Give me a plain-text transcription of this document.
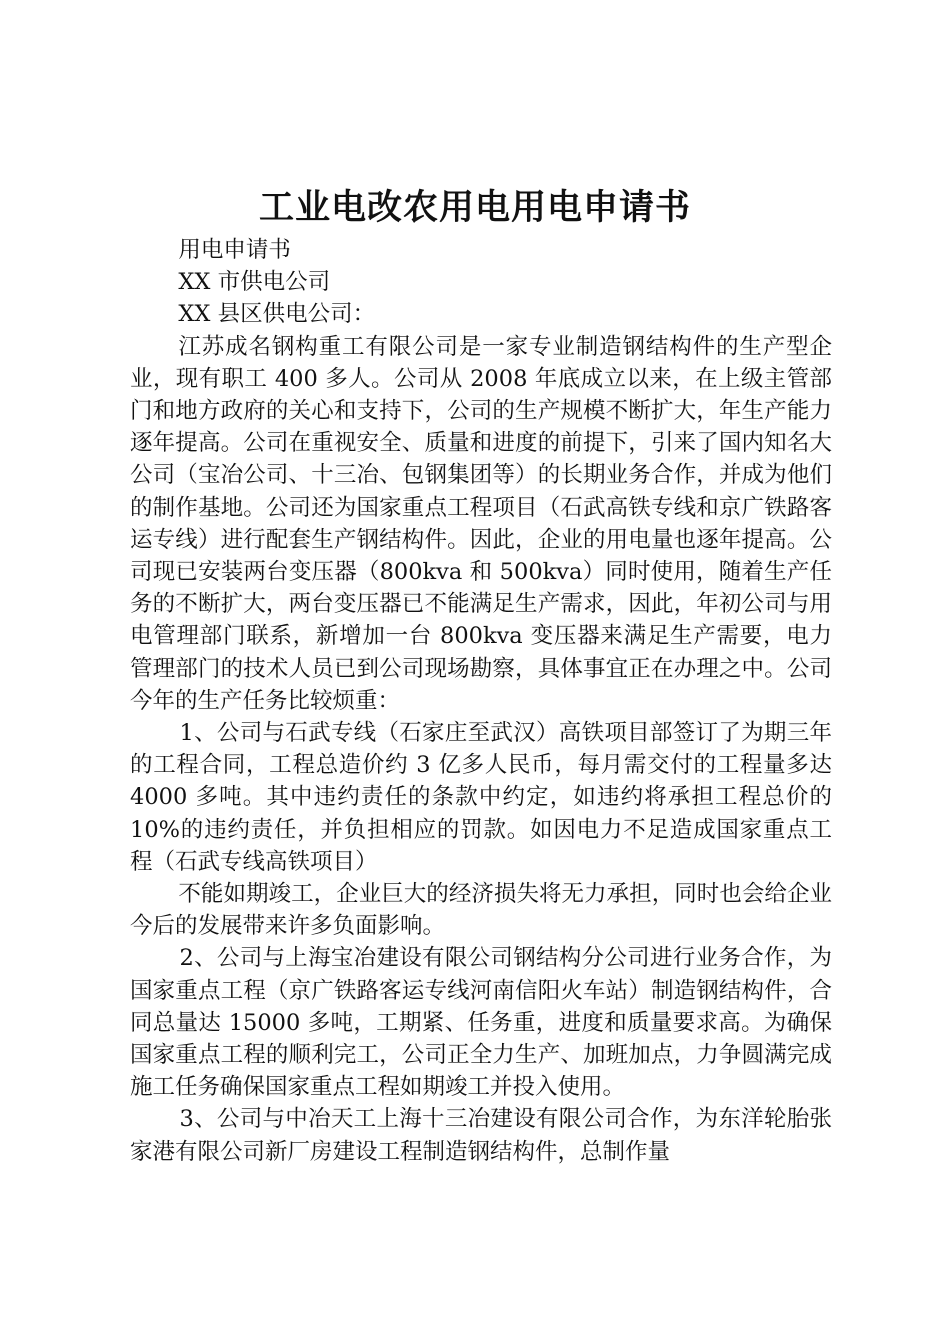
工业电改农用电用电申请书

用电申请书

XX 市供电公司

XX 县区供电公司：

江苏成名钢构重工有限公司是一家专业制造钢结构件的生产型企业，现有职工 400 多人。公司从 2008 年底成立以来，在上级主管部门和地方政府的关心和支持下，公司的生产规模不断扩大，年生产能力逐年提高。公司在重视安全、质量和进度的前提下，引来了国内知名大公司（宝冶公司、十三冶、包钢集团等）的长期业务合作，并成为他们的制作基地。公司还为国家重点工程项目（石武高铁专线和京广铁路客运专线）进行配套生产钢结构件。因此，企业的用电量也逐年提高。公司现已安装两台变压器（800kva 和 500kva）同时使用，随着生产任务的不断扩大，两台变压器已不能满足生产需求，因此，年初公司与用电管理部门联系，新增加一台 800kva 变压器来满足生产需要，电力管理部门的技术人员已到公司现场勘察，具体事宜正在办理之中。公司今年的生产任务比较烦重：

1、公司与石武专线（石家庄至武汉）高铁项目部签订了为期三年的工程合同，工程总造价约 3 亿多人民币，每月需交付的工程量多达 4000 多吨。其中违约责任的条款中约定，如违约将承担工程总价的 10%的违约责任，并负担相应的罚款。如因电力不足造成国家重点工程（石武专线高铁项目）

不能如期竣工，企业巨大的经济损失将无力承担，同时也会给企业今后的发展带来许多负面影响。

2、公司与上海宝冶建设有限公司钢结构分公司进行业务合作，为国家重点工程（京广铁路客运专线河南信阳火车站）制造钢结构件，合同总量达 15000 多吨，工期紧、任务重，进度和质量要求高。为确保国家重点工程的顺利完工，公司正全力生产、加班加点，力争圆满完成施工任务确保国家重点工程如期竣工并投入使用。

3、公司与中冶天工上海十三冶建设有限公司合作，为东洋轮胎张家港有限公司新厂房建设工程制造钢结构件，总制作量
